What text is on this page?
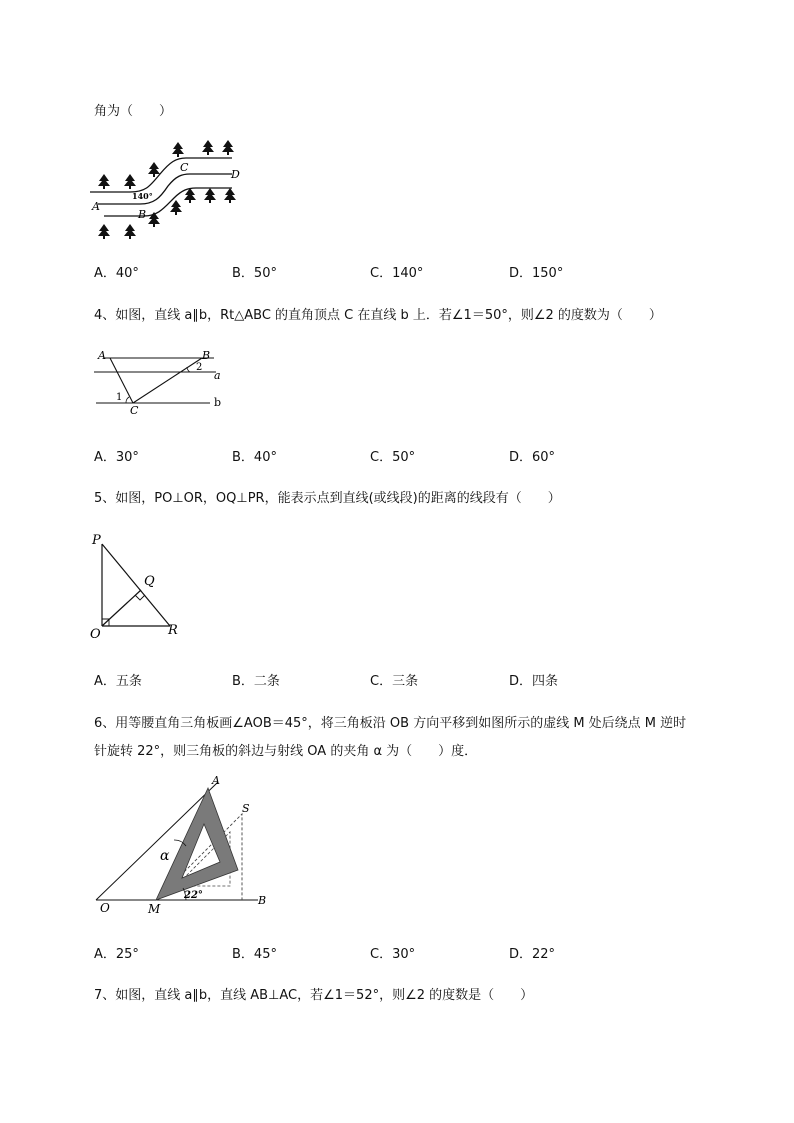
角为（　　）
A
B
C
D
140°
A．40°	B．50°	C．140°	D．150°
4、如图，直线 a∥b，Rt△ABC 的直角顶点 C 在直线 b 上．若∠1＝50°，则∠2 的度数为（　　）
A	B
C
a
b
1
2
A．30°	B．40°	C．50°	D．60°
5、如图，PO⊥OR，OQ⊥PR，能表示点到直线(或线段)的距离的线段有（　　）
P
Q
O	R
A．五条	B．二条	C．三条	D．四条
6、用等腰直角三角板画∠AOB＝45°，将三角板沿 OB 方向平移到如图所示的虚线 M 处后绕点 M 逆时
针旋转 22°，则三角板的斜边与射线 OA 的夹角 α 为（　　）度．
A
S
O	M
B
α
22°
A．25°	B．45°	C．30°	D．22°
7、如图，直线 a∥b，直线 AB⊥AC，若∠1＝52°，则∠2 的度数是（　　）
